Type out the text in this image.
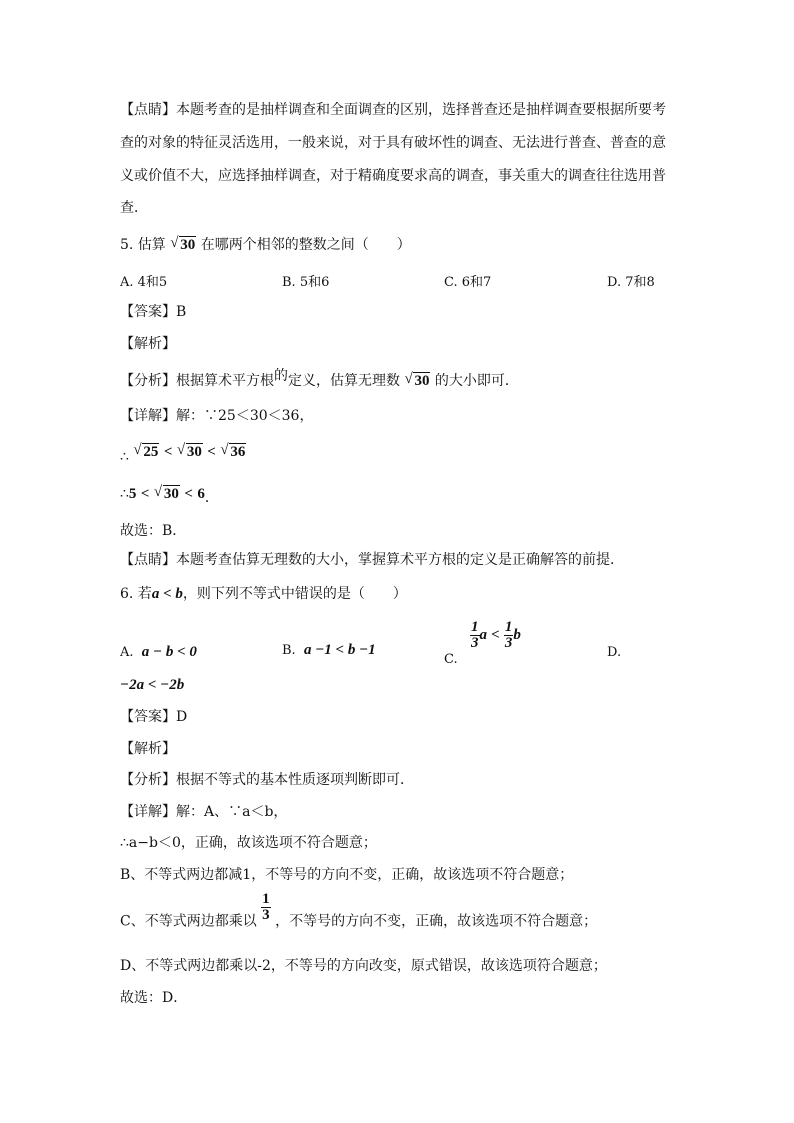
【点睛】本题考查的是抽样调查和全面调查的区别，选择普查还是抽样调查要根据所要考
查的对象的特征灵活选用，一般来说，对于具有破坏性的调查、无法进行普查、普查的意
义或价值不大，应选择抽样调查，对于精确度要求高的调查，事关重大的调查往往选用普
查．
5. 估算 √ 30 在哪两个相邻的整数之间（　　）
A. 4和5	B. 5和6	C. 6和7	D. 7和8
【答案】B
【解析】
【分析】根据算术平方根的定义，估算无理数 √ 30 的大小即可．
【详解】解：∵25＜30＜36，
∴ √ 25 < √ 30 < √ 36
∴5 < √ 30 < 6．
故选：B．
【点睛】本题考查估算无理数的大小，掌握算术平方根的定义是正确解答的前提．
6. 若a < b，则下列不等式中错误的是（　　）
A. a − b < 0	B. a −1 < b −1
C.
$\frac{1}{3}$ $a < \frac{1}{3}$ b
D.
−2a < −2b
【答案】D
【解析】
【分析】根据不等式的基本性质逐项判断即可．
【详解】解：A、∵a＜b，
∴a−b＜0，正确，故该选项不符合题意；
B、不等式两边都减1，不等号的方向不变，正确，故该选项不符合题意；
C、不等式两边都乘以 $\frac{1}{3}$ ，不等号的方向不变，正确，故该选项不符合题意；
D、不等式两边都乘以-2，不等号的方向改变，原式错误，故该选项符合题意；
故选：D．
